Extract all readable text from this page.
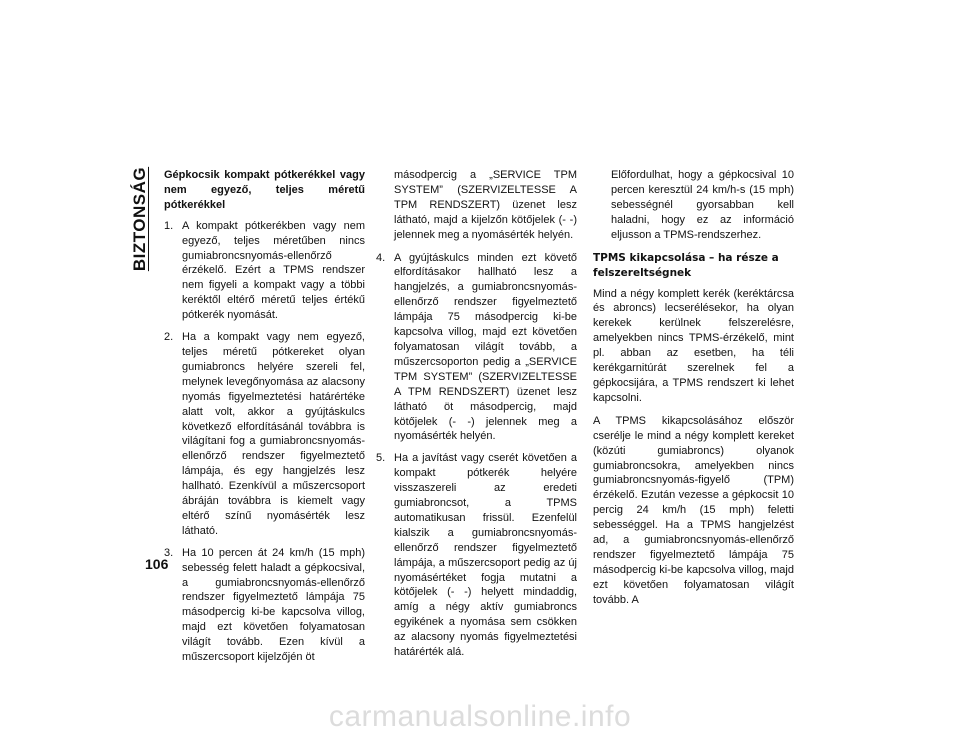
BIZTONSÁG Gépkocsik kompakt pótkerékkel vagy nem egyező, teljes méretű pótkerékkel
1. A kompakt pótkerékben vagy nem egyező, teljes méretűben nincs gumiabroncsnyomás-ellenőrző érzékelő. Ezért a TPMS rendszer nem figyeli a kompakt vagy a többi keréktől eltérő méretű teljes értékű pótkerék nyomását.
2. Ha a kompakt vagy nem egyező, teljes méretű pótkereket olyan gumiabroncs helyére szereli fel, melynek levegőnyomása az alacsony nyomás figyelmeztetési határértéke alatt volt, akkor a gyújtáskulcs következő elfordításánál továbbra is világítani fog a gumiabroncsnyomás-ellenőrző rendszer figyelmeztető lámpája, és egy hangjelzés lesz hallható. Ezenkívül a műszercsoport ábráján továbbra is kiemelt vagy eltérő színű nyomásérték lesz látható.
3. Ha 10 percen át 24 km/h (15 mph) sebesség felett haladt a gépkocsival, a gumiabroncsnyomás-ellenőrző rendszer figyelmeztető lámpája 75 másodpercig ki-be kapcsolva villog, majd ezt követően folyamatosan világít tovább. Ezen kívül a műszercsoport kijelzőjén öt
másodpercig a „SERVICE TPM SYSTEM” (SZERVIZELTESSE A TPM RENDSZERT) üzenet lesz látható, majd a kijelzőn kötőjelek (- -) jelennek meg a nyomásérték helyén.
4. A gyújtáskulcs minden ezt követő elfordításakor hallható lesz a hangjelzés, a gumiabroncsnyomás-ellenőrző rendszer figyelmeztető lámpája 75 másodpercig ki-be kapcsolva villog, majd ezt követően folyamatosan világít tovább, a műszercsoporton pedig a „SERVICE TPM SYSTEM” (SZERVIZELTESSE A TPM RENDSZERT) üzenet lesz látható öt másodpercig, majd kötőjelek (- -) jelennek meg a nyomásérték helyén.
5. Ha a javítást vagy cserét követően a kompakt pótkerék helyére visszaszereli az eredeti gumiabroncsot, a TPMS automatikusan frissül. Ezenfelül kialszik a gumiabroncsnyomás-ellenőrző rendszer figyelmeztető lámpája, a műszercsoport pedig az új nyomásértéket fogja mutatni a kötőjelek (- -) helyett mindaddig, amíg a négy aktív gumiabroncs egyikének a nyomása sem csökken az alacsony nyomás figyelmeztetési határérték alá.
Előfordulhat, hogy a gépkocsival 10 percen keresztül 24 km/h-s (15 mph) sebességnél gyorsabban kell haladni, hogy ez az információ eljusson a TPMS-rendszerhez.
TPMS kikapcsolása – ha része a felszereltségnek

Mind a négy komplett kerék (keréktárcsa és abroncs) lecserélésekor, ha olyan kerekek kerülnek felszerelésre, amelyekben nincs TPMS-érzékelő, mint pl. abban az esetben, ha téli kerékgarnitúrát szerelnek fel a gépkocsijára, a TPMS rendszert ki lehet kapcsolni.

A TPMS kikapcsolásához először cserélje le mind a négy komplett kereket (közúti gumiabroncs) olyanok gumiabroncsokra, amelyekben nincs gumiabroncsnyomás-figyelő (TPM) érzékelő. Ezután vezesse a gépkocsit 10 percig 24 km/h (15 mph) feletti sebességgel. Ha a TPMS hangjelzést ad, a gumiabroncsnyomás-ellenőrző rendszer figyelmeztető lámpája 75 másodpercig ki-be kapcsolva villog, majd ezt követően folyamatosan világít tovább. A

106
carmanualsonline.info
